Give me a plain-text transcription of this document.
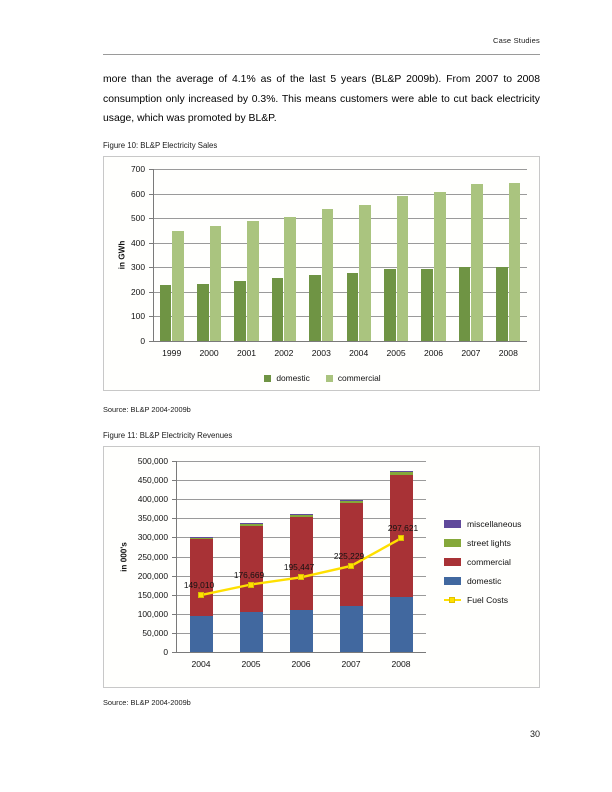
Case Studies
more than the average of 4.1% as of the last 5 years (BL&P 2009b). From 2007 to 2008 consumption only increased by 0.3%. This means customers were able to cut back electricity usage, which was promoted by BL&P.
Figure 10: BL&P Electricity Sales
domestic	commercial
0
100
200
300
400
500
600
700
in GWh
1999 2000 2001 2002 2003 2004 2005 2006 2007 2008
Source: BL&P 2004-2009b
Figure 11: BL&P Electricity Revenues
149,010
176,669
195,447
225,229
297,621	miscellaneous
street lights
commercial
domestic
Fuel Costs
0
50,000
100,000
150,000
200,000
250,000
300,000
350,000
400,000
450,000
500,000
in 000's
2004	2005	2006	2007	2008
Source: BL&P 2004-2009b
30
